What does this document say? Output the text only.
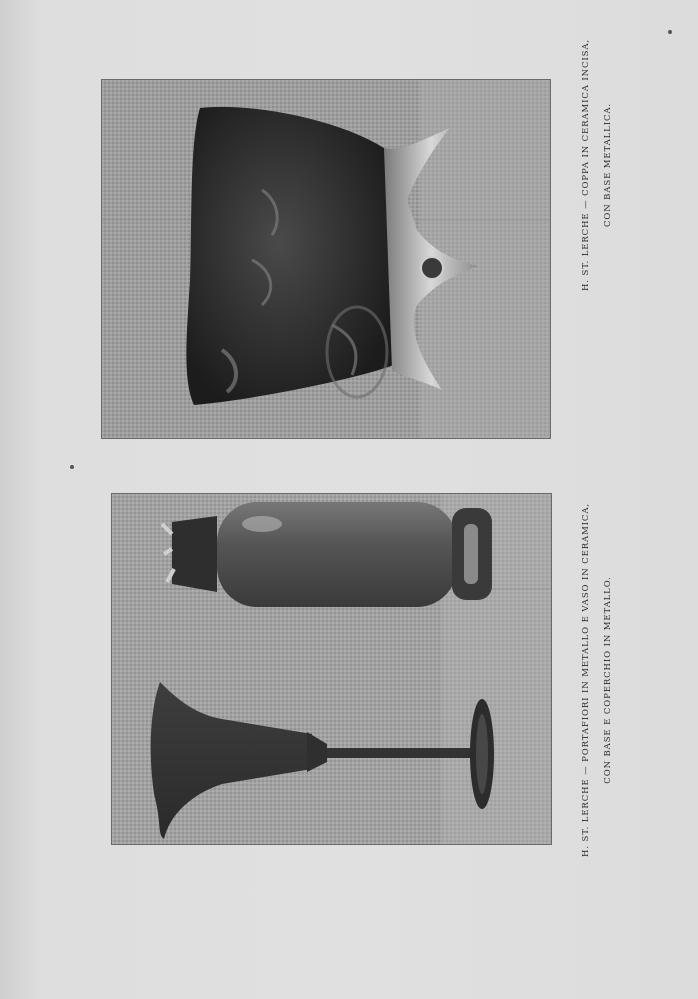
H. ST. LERCHE — COPPA IN CERAMICA INCISA,	CON BASE METALLICA.
H. ST. LERCHE — PORTAFIORI IN METALLO E VASO IN CERAMICA,	CON BASE E COPERCHIO IN METALLO.
